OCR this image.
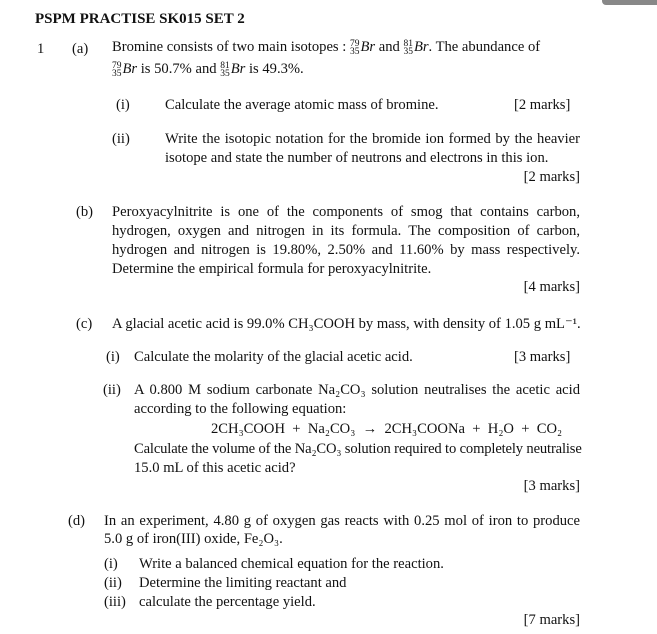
PSPM PRACTISE SK015 SET 2
1 (a) Bromine consists of two main isotopes : 79
35 Br and 81
35 Br. The abundance of
79
35 Br is 50.7% and 81
35 Br is 49.3%.
(i) Calculate the average atomic mass of bromine.	[2 marks]
(ii) Write the isotopic notation for the bromide ion formed by the heavier
isotope and state the number of neutrons and electrons in this ion.
[2 marks]
(b) Peroxyacylnitrite is one of the components of smog that contains carbon,
hydrogen, oxygen and nitrogen in its formula. The composition of carbon,
hydrogen and nitrogen is 19.80%, 2.50% and 11.60% by mass respectively.
Determine the empirical formula for peroxyacylnitrite.
[4 marks]
(c) A glacial acetic acid is 99.0% CH₃COOH by mass, with density of 1.05 g mL⁻¹.
(i) Calculate the molarity of the glacial acetic acid.	[3 marks]
(ii) A 0.800 M sodium carbonate Na₂CO₃ solution neutralises the acetic acid
according to the following equation:
2CH₃COOH  +  Na₂CO₃  →  2CH₃COONa  +  H₂O  +  CO₂
Calculate the volume of the Na₂CO₃ solution required to completely neutralise
15.0 mL of this acetic acid?
[3 marks]
(d) In an experiment, 4.80 g of oxygen gas reacts with 0.25 mol of iron to produce
5.0 g of iron(III) oxide, Fe₂O₃.
(i) Write a balanced chemical equation for the reaction.
(ii) Determine the limiting reactant and
(iii) calculate the percentage yield.
[7 marks]
